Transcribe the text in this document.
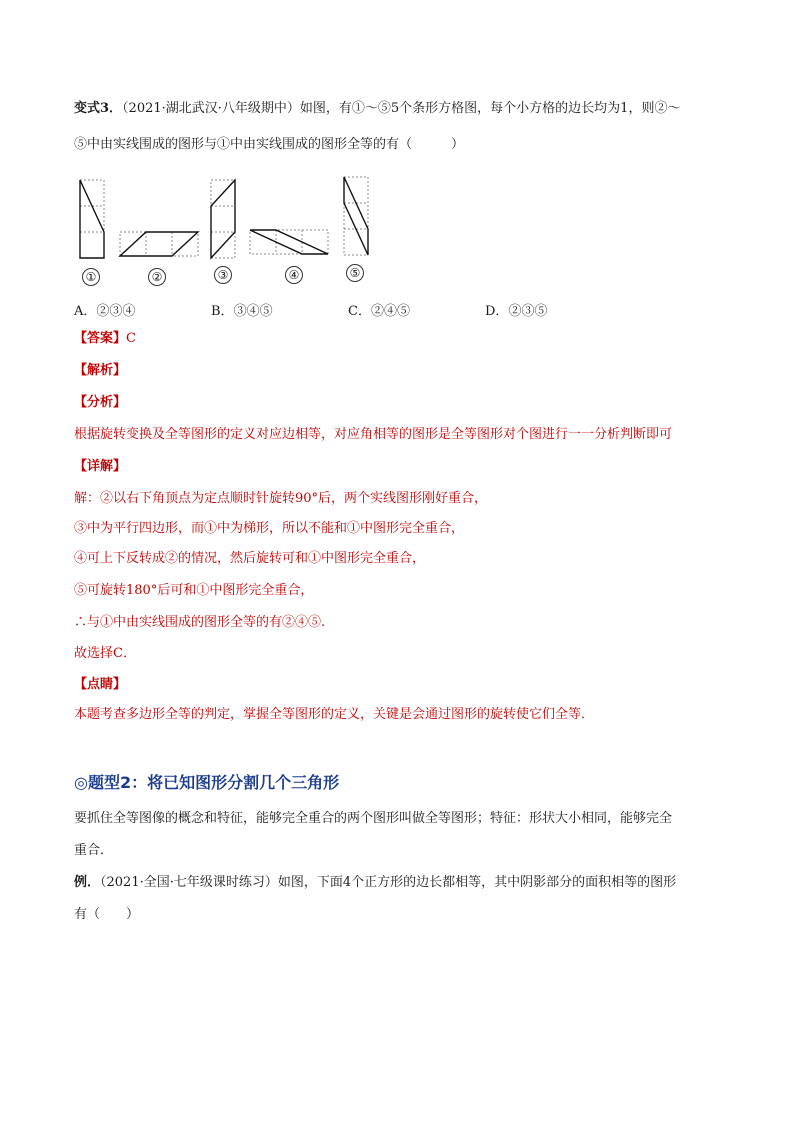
变式3．（2021·湖北武汉·八年级期中）如图，有①～⑤5个条形方格图，每个小方格的边长均为1，则②～
⑤中由实线围成的图形与①中由实线围成的图形全等的有（　　　）
①	②	③	④	⑤
A．②③④	B．③④⑤	C．②④⑤	D．②③⑤
【答案】C
【解析】
【分析】
根据旋转变换及全等图形的定义对应边相等，对应角相等的图形是全等图形对个图进行一一分析判断即可
【详解】
解：②以右下角顶点为定点顺时针旋转90°后，两个实线图形刚好重合，
③中为平行四边形，而①中为梯形，所以不能和①中图形完全重合，
④可上下反转成②的情况，然后旋转可和①中图形完全重合，
⑤可旋转180°后可和①中图形完全重合，
∴与①中由实线围成的图形全等的有②④⑤.
故选择C．
【点睛】
本题考查多边形全等的判定，掌握全等图形的定义，关键是会通过图形的旋转使它们全等．
◎题型2：将已知图形分割几个三角形
要抓住全等图像的概念和特征，能够完全重合的两个图形叫做全等图形；特征：形状大小相同，能够完全
重合．
例．（2021·全国·七年级课时练习）如图，下面4个正方形的边长都相等，其中阴影部分的面积相等的图形
有（　　）
